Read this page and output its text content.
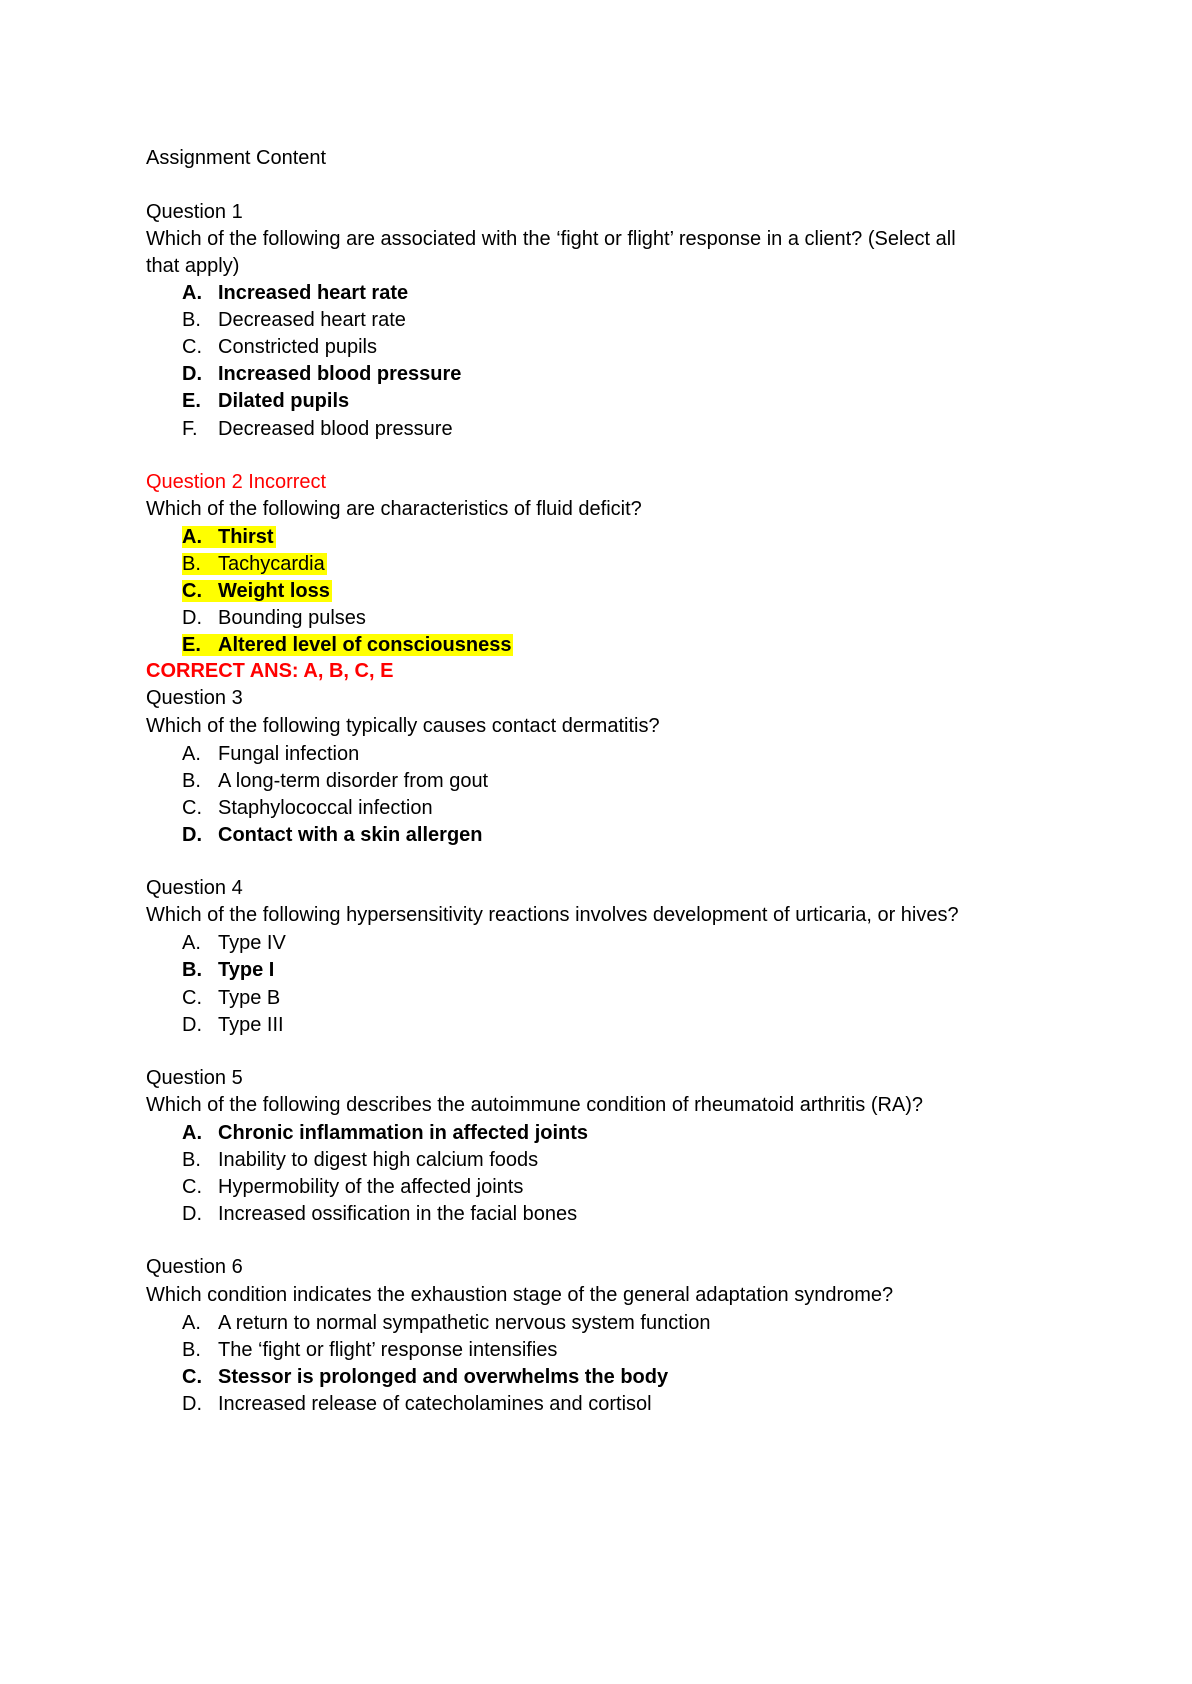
Assignment Content
Question 1
Which of the following are associated with the ‘fight or flight’ response in a client? (Select all
that apply)
A. Increased heart rate
B. Decreased heart rate
C. Constricted pupils
D. Increased blood pressure
E. Dilated pupils
F. Decreased blood pressure
Question 2 Incorrect
Which of the following are characteristics of fluid deficit?
A. Thirst
B. Tachycardia
C. Weight loss
D. Bounding pulses
E. Altered level of consciousness
CORRECT ANS: A, B, C, E
Question 3
Which of the following typically causes contact dermatitis?
A. Fungal infection
B. A long-term disorder from gout
C. Staphylococcal infection
D. Contact with a skin allergen
Question 4
Which of the following hypersensitivity reactions involves development of urticaria, or hives?
A. Type IV
B. Type I
C. Type B
D. Type III
Question 5
Which of the following describes the autoimmune condition of rheumatoid arthritis (RA)?
A. Chronic inflammation in affected joints
B. Inability to digest high calcium foods
C. Hypermobility of the affected joints
D. Increased ossification in the facial bones
Question 6
Which condition indicates the exhaustion stage of the general adaptation syndrome?
A. A return to normal sympathetic nervous system function
B. The ‘fight or flight’ response intensifies
C. Stessor is prolonged and overwhelms the body
D. Increased release of catecholamines and cortisol
